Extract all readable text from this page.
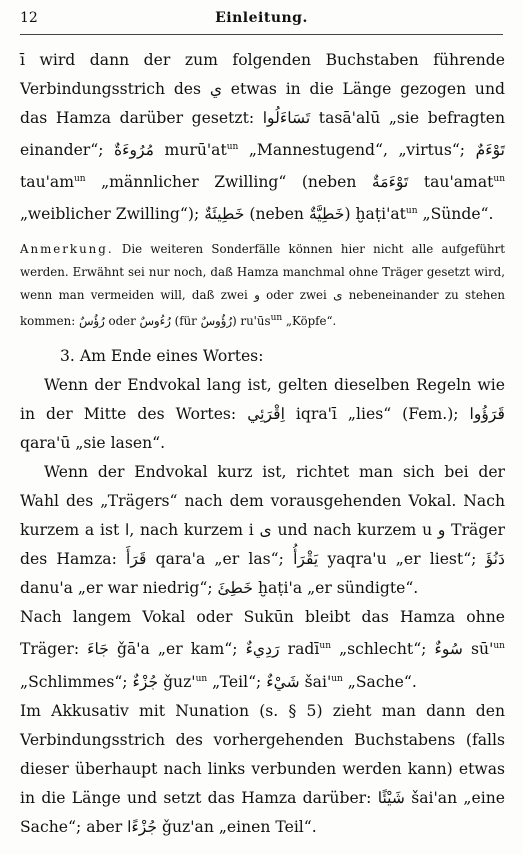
12	Einleitung.

ī wird dann der zum folgenden Buchstaben führende Verbindungsstrich des ي etwas in die Länge gezogen und das Hamza darüber gesetzt: تَسَاءَلُوا tasā'alū „sie befragten einander“; مُرُوءَةٌ $murū'at^{un}$ „Mannestugend“, „virtus“; تَوْءَمٌ $tau'am^{un}$ „männlicher Zwilling“ (neben تَوْءَمَةٌ tau'amat$^{un}$ „weiblicher Zwilling“); خَطِيئَةٌ (neben خَطِيَّةٌ) $ḫaṭi'at^{un}$ „Sünde“.

Anmerkung. Die weiteren Sonderfälle können hier nicht alle aufgeführt werden. Erwähnt sei nur noch, daß Hamza manchmal ohne Träger gesetzt wird, wenn man vermeiden will, daß zwei و oder zwei ى nebeneinander zu stehen kommen: رُؤُسٌ oder رُءُوسٌ (für رُؤُوسٌ) $ru'ūs^{un}$ „Köpfe“.

3. Am Ende eines Wortes:

Wenn der Endvokal lang ist, gelten dieselben Regeln wie in der Mitte des Wortes: اِقْرَئِي iqra'ī „lies“ (Fem.); قَرَؤُوا qara'ū „sie lasen“.

Wenn der Endvokal kurz ist, richtet man sich bei der Wahl des „Trägers“ nach dem vorausgehenden Vokal. Nach kurzem a ist ا, nach kurzem i ى und nach kurzem u و Träger des Hamza: قَرَأَ qara'a „er las“; يَقْرَأُ yaqra'u „er liest“; دَنُؤَ danu'a „er war niedrig“; خَطِئَ ḫaṭi'a „er sündigte“.

Nach langem Vokal oder Sukūn bleibt das Hamza ohne Träger: جَاءَ ǧā'a „er kam“; رَدِيءٌ radī$^{un}$ „schlecht“; سُوءٌ $sū'^{un}$ „Schlimmes“; جُزْءٌ $ǧuz'^{un}$ „Teil“; شَيْءٌ $šai'^{un}$ „Sache“.

Im Akkusativ mit Nunation (s. § 5) zieht man dann den Verbindungsstrich des vorhergehenden Buchstabens (falls dieser überhaupt nach links verbunden werden kann) etwas in die Länge und setzt das Hamza darüber: شَيْئًا šai'an „eine Sache“; aber جُزْءًا ǧuz'an „einen Teil“.
